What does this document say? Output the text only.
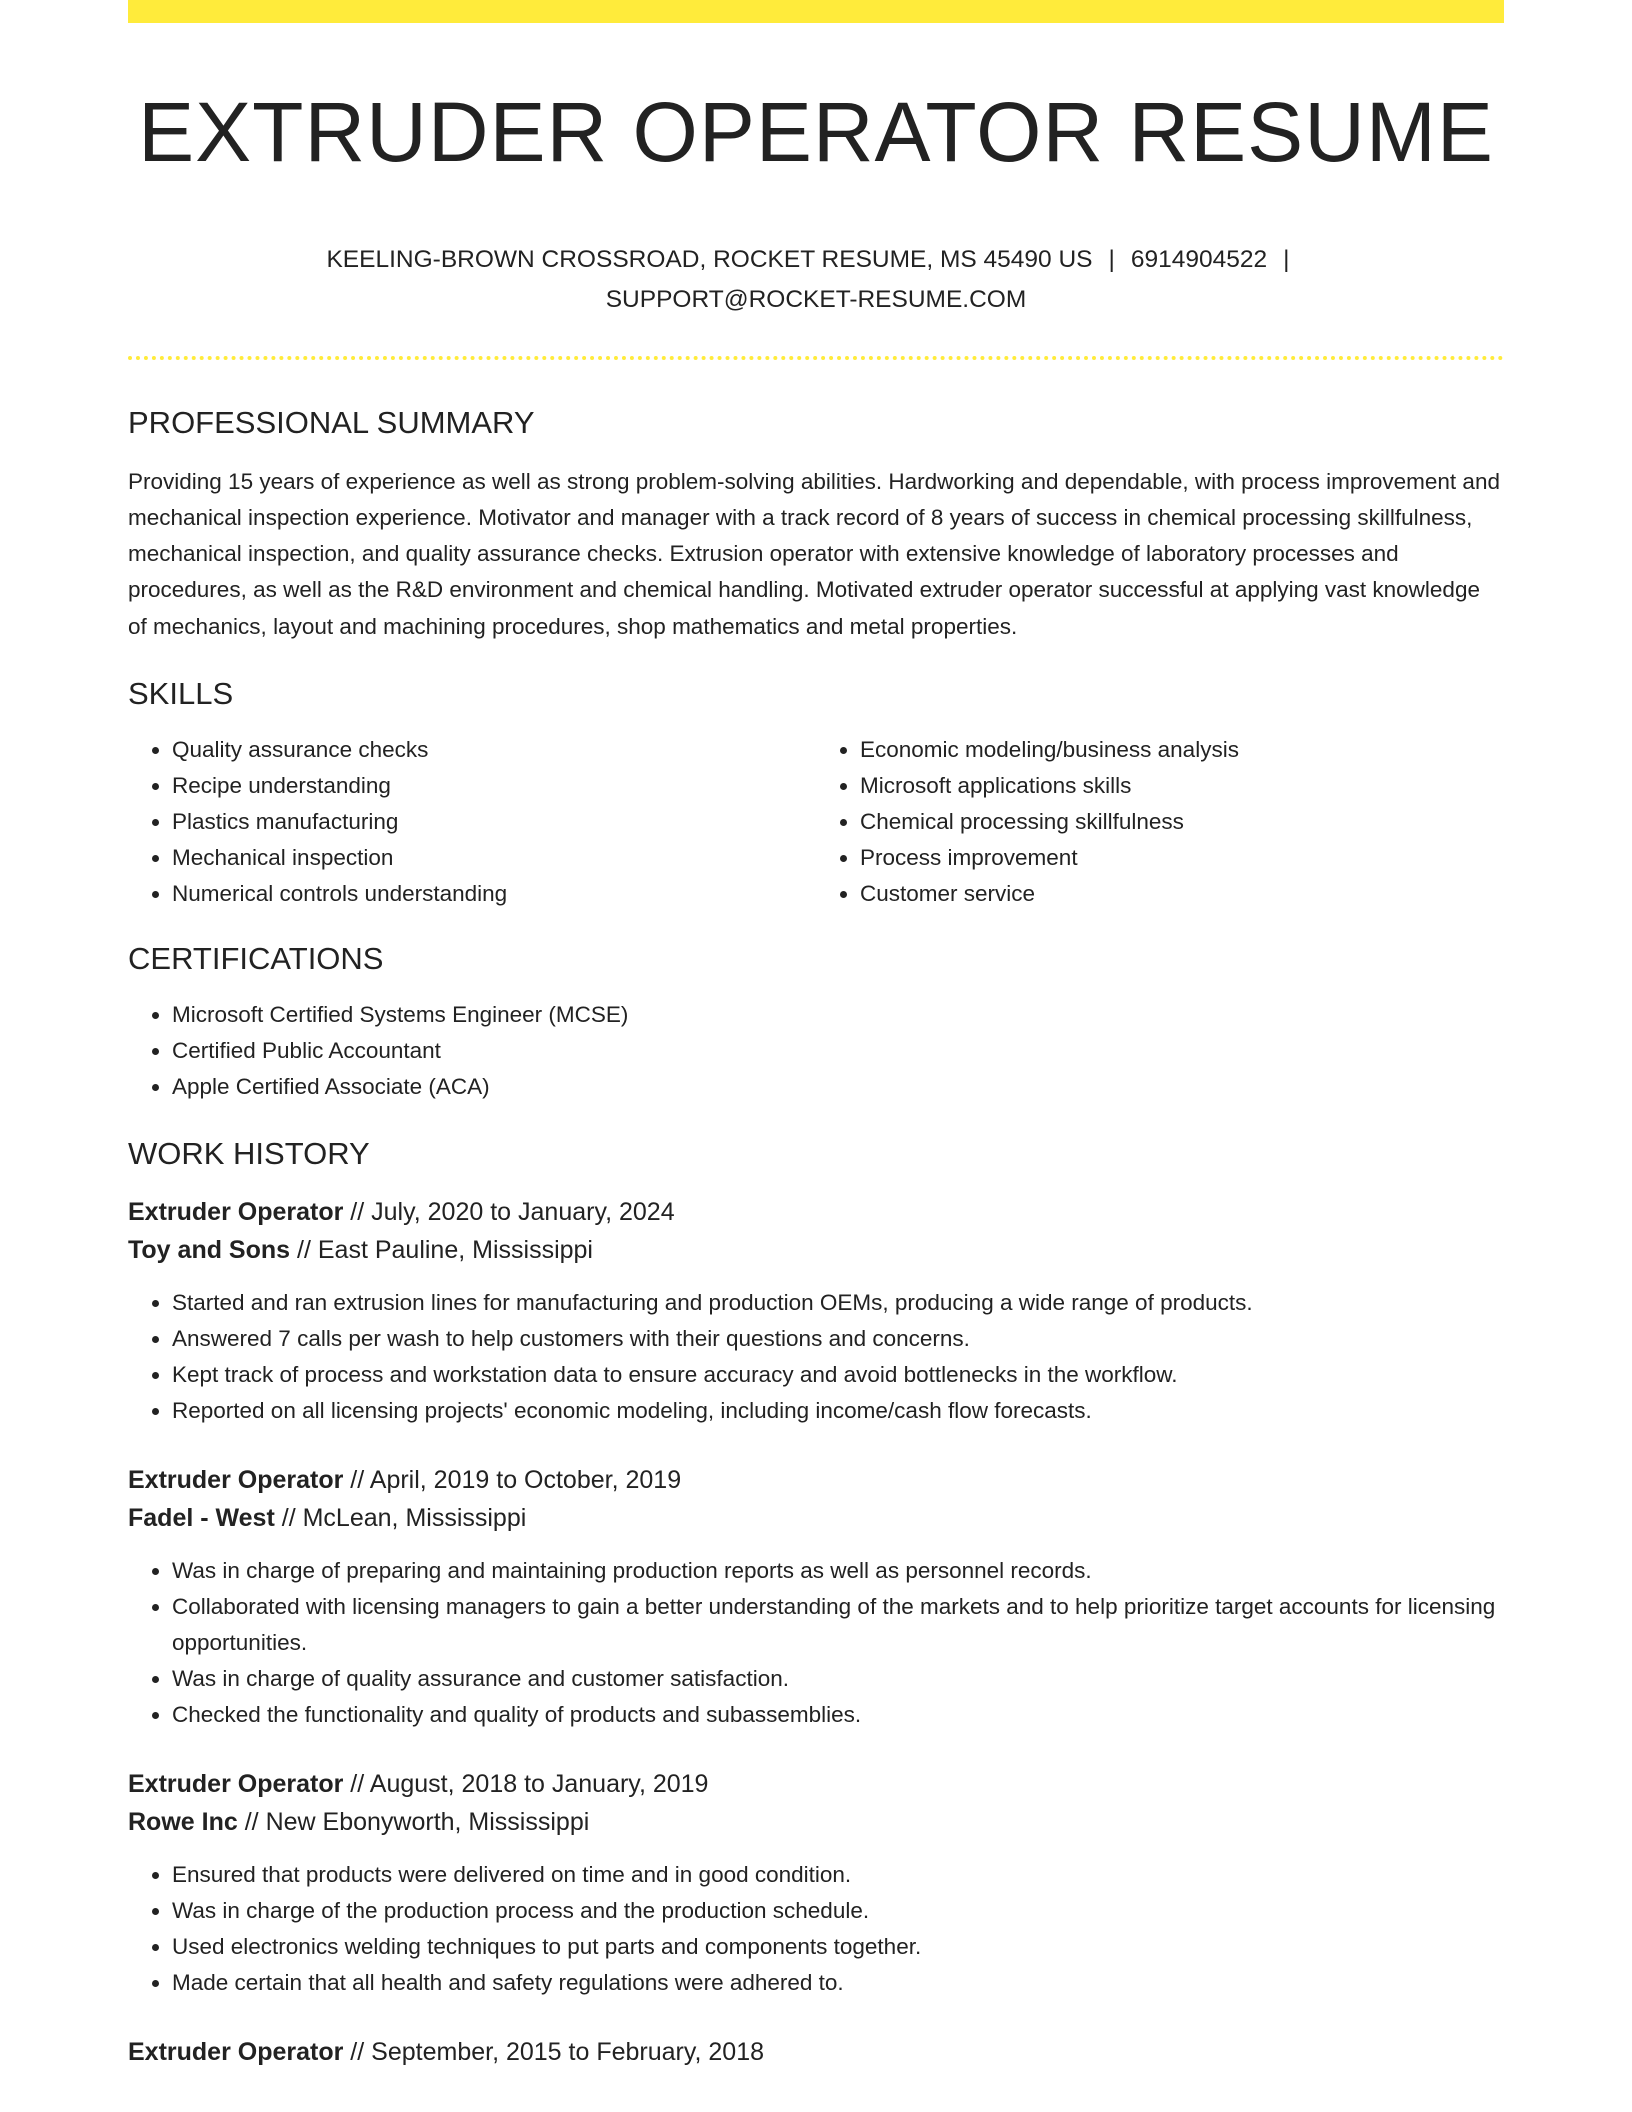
EXTRUDER OPERATOR RESUME
KEELING-BROWN CROSSROAD, ROCKET RESUME, MS 45490 US | 6914904522 |
SUPPORT@ROCKET-RESUME.COM
PROFESSIONAL SUMMARY

Providing 15 years of experience as well as strong problem-solving abilities. Hardworking and dependable, with process improvement and mechanical inspection experience. Motivator and manager with a track record of 8 years of success in chemical processing skillfulness, mechanical inspection, and quality assurance checks. Extrusion operator with extensive knowledge of laboratory processes and procedures, as well as the R&D environment and chemical handling. Motivated extruder operator successful at applying vast knowledge of mechanics, layout and machining procedures, shop mathematics and metal properties.

SKILLS
• Quality assurance checks
• Recipe understanding
• Plastics manufacturing
• Mechanical inspection
• Numerical controls understanding
• Economic modeling/business analysis
• Microsoft applications skills
• Chemical processing skillfulness
• Process improvement
• Customer service
CERTIFICATIONS
• Microsoft Certified Systems Engineer (MCSE)
• Certified Public Accountant
• Apple Certified Associate (ACA)
WORK HISTORY
Extruder Operator // July, 2020 to January, 2024
Toy and Sons // East Pauline, Mississippi
• Started and ran extrusion lines for manufacturing and production OEMs, producing a wide range of products.
• Answered 7 calls per wash to help customers with their questions and concerns.
• Kept track of process and workstation data to ensure accuracy and avoid bottlenecks in the workflow.
• Reported on all licensing projects' economic modeling, including income/cash flow forecasts.
Extruder Operator // April, 2019 to October, 2019
Fadel - West // McLean, Mississippi
• Was in charge of preparing and maintaining production reports as well as personnel records.
• Collaborated with licensing managers to gain a better understanding of the markets and to help prioritize target accounts for licensing opportunities.
• Was in charge of quality assurance and customer satisfaction.
• Checked the functionality and quality of products and subassemblies.
Extruder Operator // August, 2018 to January, 2019
Rowe Inc // New Ebonyworth, Mississippi
• Ensured that products were delivered on time and in good condition.
• Was in charge of the production process and the production schedule.
• Used electronics welding techniques to put parts and components together.
• Made certain that all health and safety regulations were adhered to.
Extruder Operator // September, 2015 to February, 2018
